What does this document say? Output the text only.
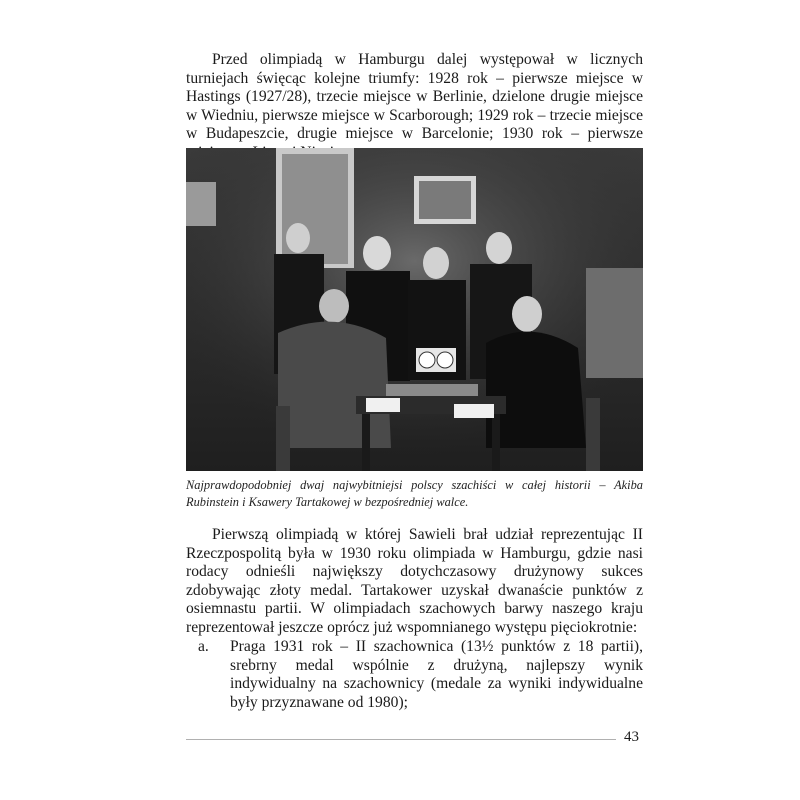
Przed olimpiadą w Hamburgu dalej występował w licznych turniejach święcąc kolejne triumfy: 1928 rok – pierwsze miejsce w Hastings (1927/28), trzecie miejsce w Berlinie, dzielone drugie miejsce w Wiedniu, pierwsze miejsce w Scarborough; 1929 rok – trzecie miejsce w Budapeszcie, drugie miejsce w Barcelonie; 1930 rok – pierwsze

Najprawdopodobniej dwaj najwybitniejsi polscy szachiści w całej historii – Akiba Rubinstein i Ksawery Tartakowej w bezpośredniej walce.

Pierwszą olimpiadą w której Sawieli brał udział reprezentując II Rzeczpospolitą była w 1930 roku olimpiada w Hamburgu, gdzie nasi rodacy odnieśli największy dotychczasowy drużynowy sukces zdobywając złoty medal. Tartakower uzyskał dwanaście punktów z osiemnastu partii. W olimpiadach szachowych barwy naszego kraju reprezentował jeszcze oprócz już wspomnianego występu pięciokrotnie:

a. Praga 1931 rok – II szachownica (13½ punktów z 18 partii), srebrny medal wspólnie z drużyną, najlepszy wynik indywidualny na szachownicy (medale za wyniki indywidualne były przyznawane od 1980);
43
